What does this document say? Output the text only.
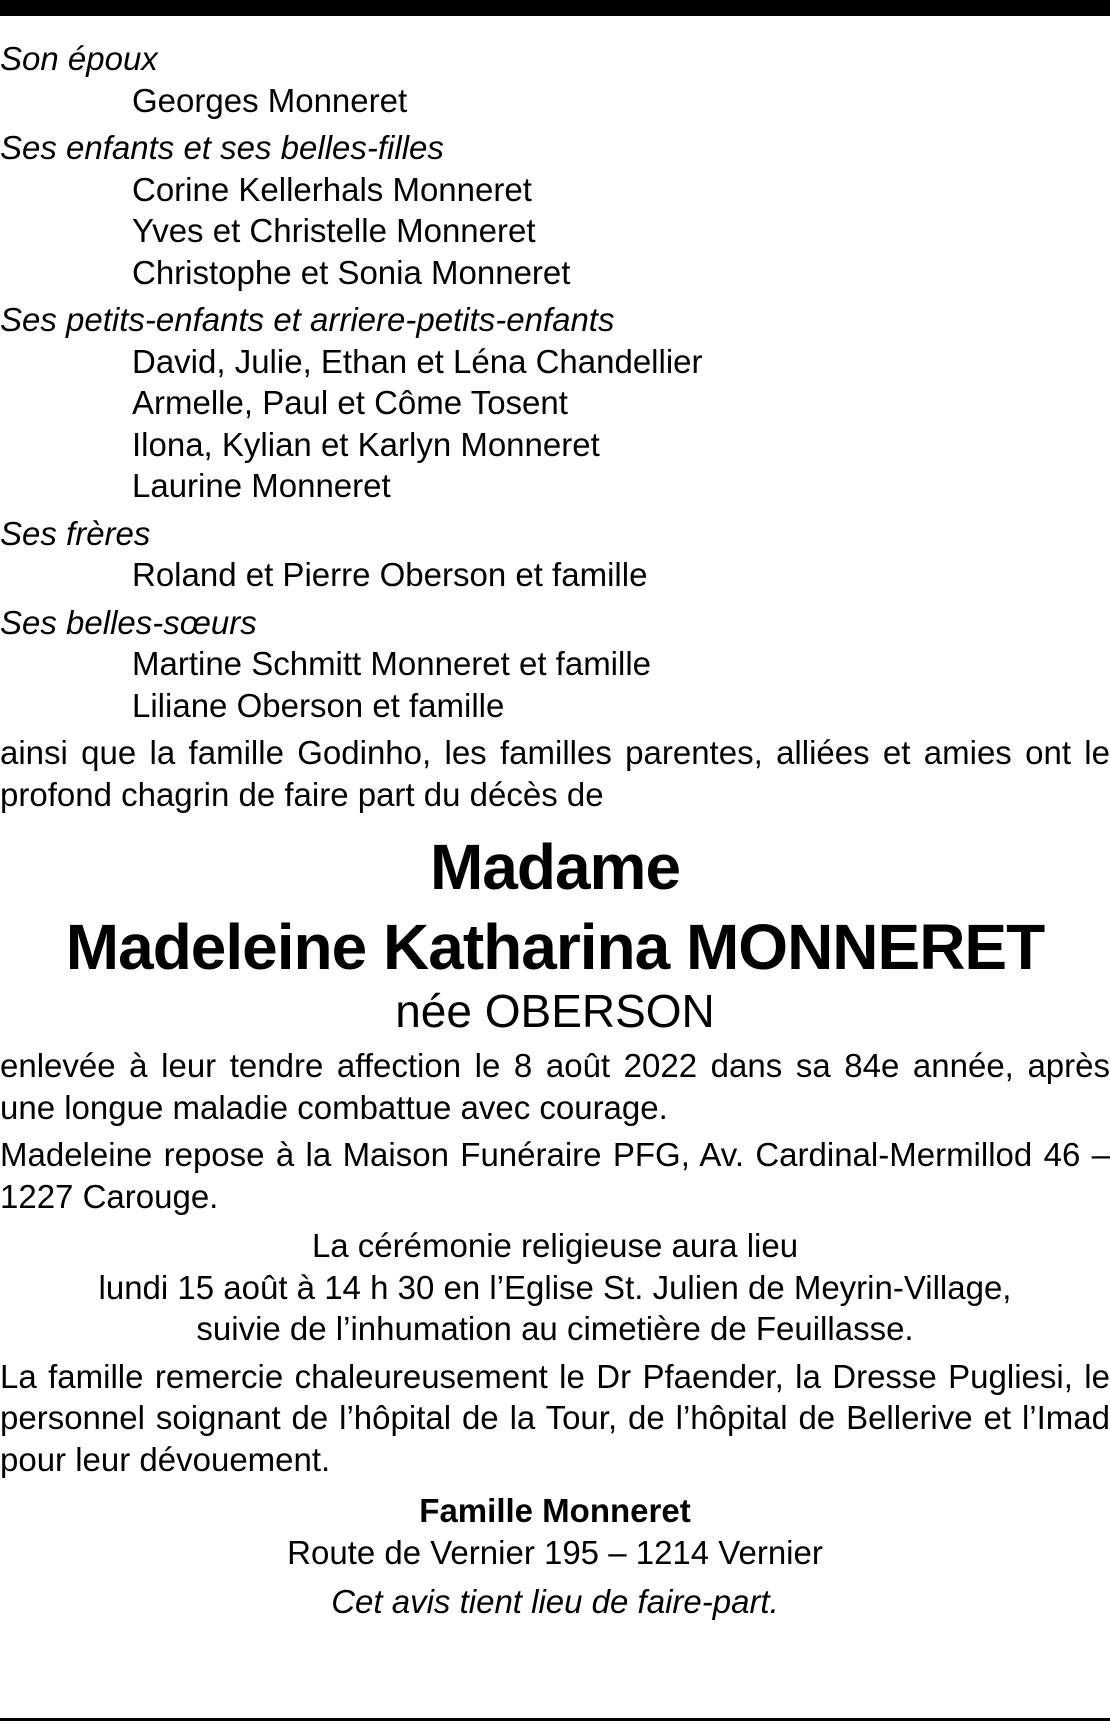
Son époux

Georges Monneret

Ses enfants et ses belles-filles

Corine Kellerhals Monneret

Yves et Christelle Monneret

Christophe et Sonia Monneret

Ses petits-enfants et arriere-petits-enfants

David, Julie, Ethan et Léna Chandellier

Armelle, Paul et Côme Tosent

Ilona, Kylian et Karlyn Monneret

Laurine Monneret

Ses frères

Roland et Pierre Oberson et famille

Ses belles-sœurs

Martine Schmitt Monneret et famille

Liliane Oberson et famille

ainsi que la famille Godinho, les familles parentes, alliées et amies ont le profond chagrin de faire part du décès de

Madame
Madeleine Katharina MONNERET
née OBERSON

enlevée à leur tendre affection le 8 août 2022 dans sa 84e année, après une longue maladie combattue avec courage.

Madeleine repose à la Maison Funéraire PFG, Av. Cardinal-Mermillod 46 – 1227 Carouge.

La cérémonie religieuse aura lieu
lundi 15 août à 14 h 30 en l’Eglise St. Julien de Meyrin-Village,
suivie de l’inhumation au cimetière de Feuillasse.

La famille remercie chaleureusement le Dr Pfaender, la Dresse Pugliesi, le personnel soignant de l’hôpital de la Tour, de l’hôpital de Bellerive et l’Imad pour leur dévouement.

Famille Monneret
Route de Vernier 195 – 1214 Vernier
Cet avis tient lieu de faire-part.
